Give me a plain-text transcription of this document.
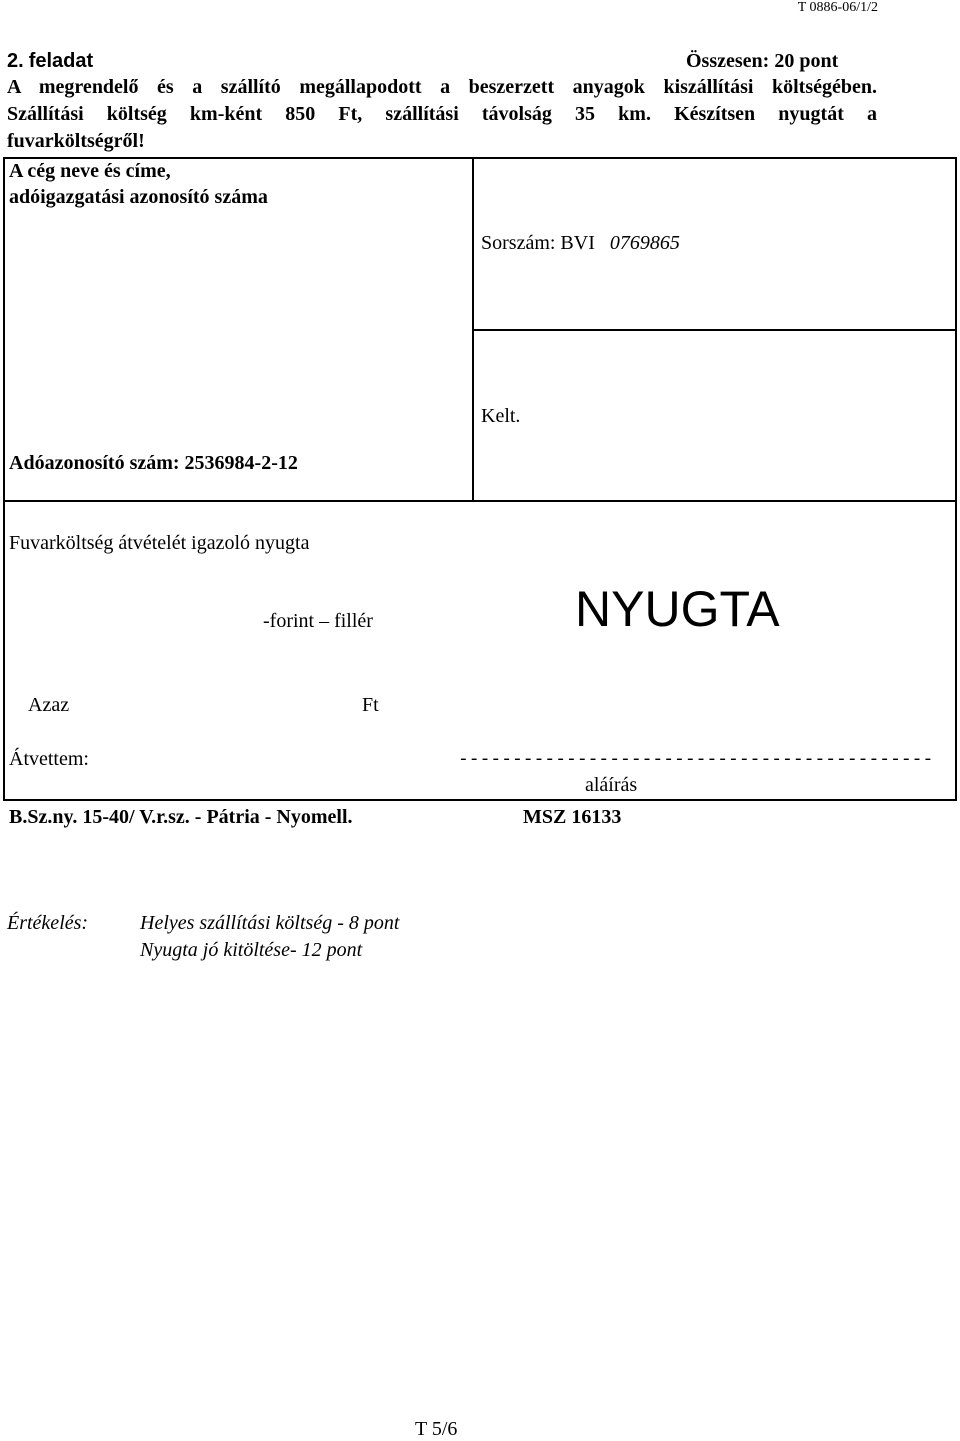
T 0886-06/1/2
2. feladat	Összesen: 20 pont

A megrendelő és a szállító megállapodott a beszerzett anyagok kiszállítási költségében.

Szállítási költség km-ként 850 Ft, szállítási távolság 35 km. Készítsen nyugtát a

fuvarköltségről!

A cég neve és címe,
adóigazgatási azonosító száma
Adóazonosító szám: 2536984-2-12
Sorszám: BVI 0769865
Kelt.
Fuvarköltség átvételét igazoló nyugta
-forint – fillér	NYUGTA
Azaz	Ft
Átvettem:	--------------------------------------------
aláírás
B.Sz.ny. 15-40/ V.r.sz. - Pátria - Nyomell.	MSZ 16133
Értékelés:	Helyes szállítási költség - 8 pont
Nyugta jó kitöltése- 12 pont
T 5/6
